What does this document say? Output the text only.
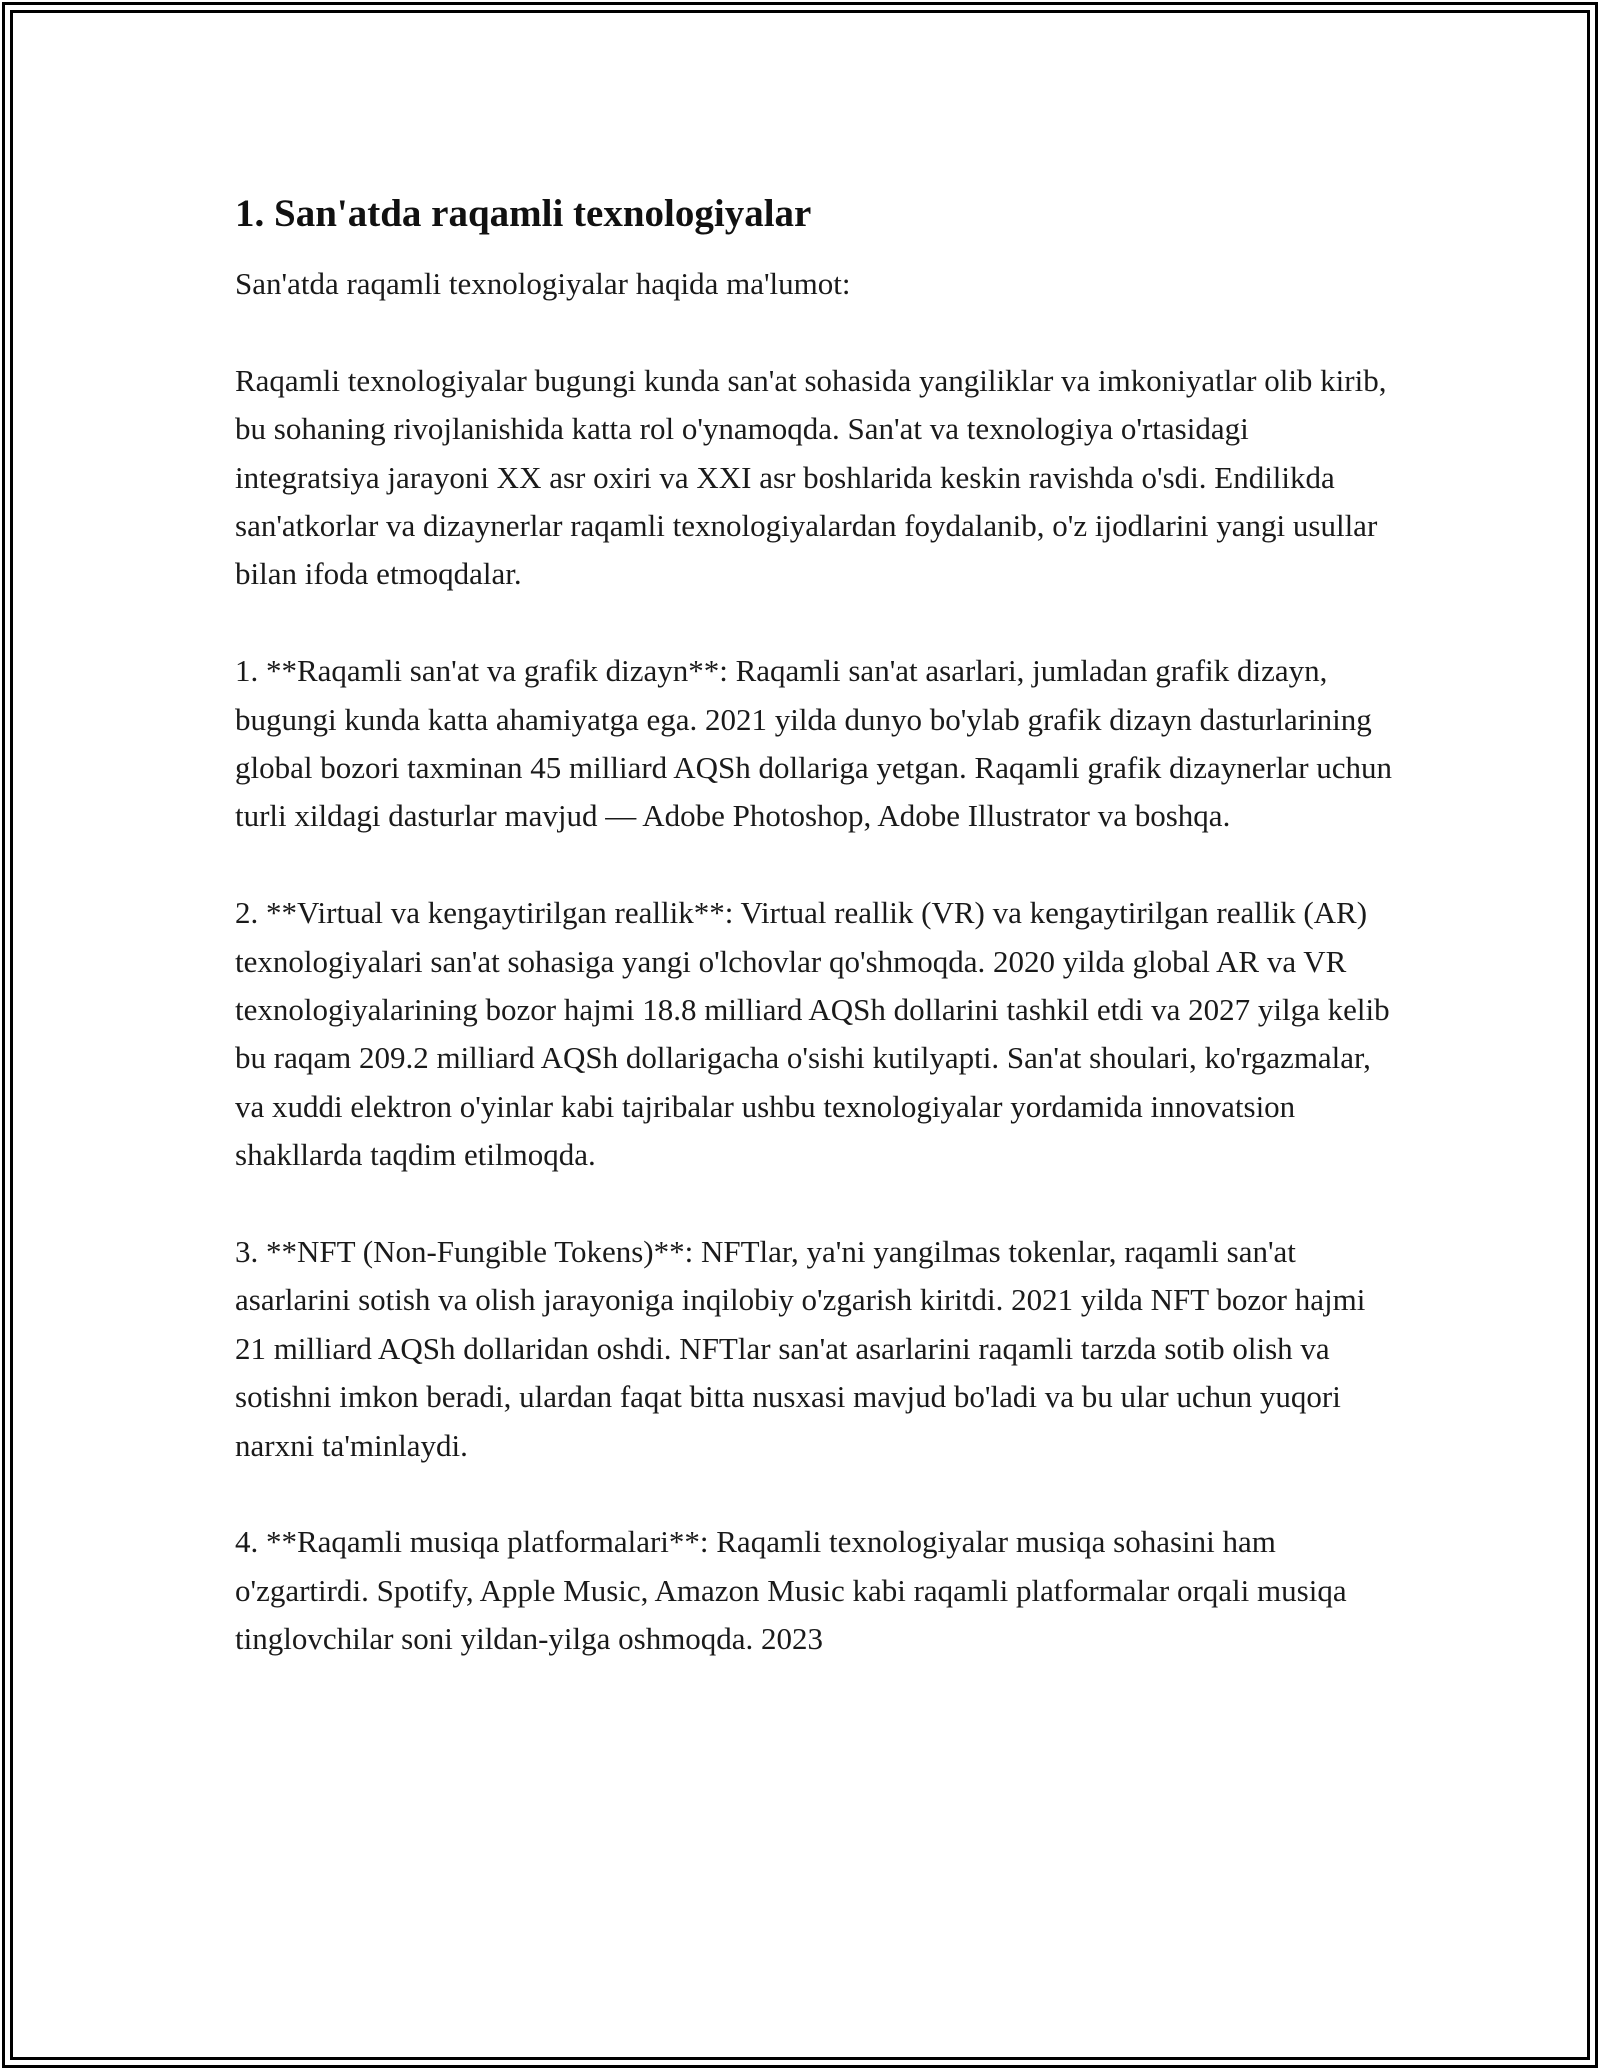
1. San'atda raqamli texnologiyalar

San'atda raqamli texnologiyalar haqida ma'lumot:

Raqamli texnologiyalar bugungi kunda san'at sohasida yangiliklar va imkoniyatlar olib kirib, bu sohaning rivojlanishida katta rol o'ynamoqda. San'at va texnologiya o'rtasidagi integratsiya jarayoni XX asr oxiri va XXI asr boshlarida keskin ravishda o'sdi. Endilikda san'atkorlar va dizaynerlar raqamli texnologiyalardan foydalanib, o'z ijodlarini yangi usullar bilan ifoda etmoqdalar.

1. **Raqamli san'at va grafik dizayn**: Raqamli san'at asarlari, jumladan grafik dizayn, bugungi kunda katta ahamiyatga ega. 2021 yilda dunyo bo'ylab grafik dizayn dasturlarining global bozori taxminan 45 milliard AQSh dollariga yetgan. Raqamli grafik dizaynerlar uchun turli xildagi dasturlar mavjud — Adobe Photoshop, Adobe Illustrator va boshqa.

2. **Virtual va kengaytirilgan reallik**: Virtual reallik (VR) va kengaytirilgan reallik (AR) texnologiyalari san'at sohasiga yangi o'lchovlar qo'shmoqda. 2020 yilda global AR va VR texnologiyalarining bozor hajmi 18.8 milliard AQSh dollarini tashkil etdi va 2027 yilga kelib bu raqam 209.2 milliard AQSh dollarigacha o'sishi kutilyapti. San'at shoulari, ko'rgazmalar, va xuddi elektron o'yinlar kabi tajribalar ushbu texnologiyalar yordamida innovatsion shakllarda taqdim etilmoqda.

3. **NFT (Non-Fungible Tokens)**: NFTlar, ya'ni yangilmas tokenlar, raqamli san'at asarlarini sotish va olish jarayoniga inqilobiy o'zgarish kiritdi. 2021 yilda NFT bozor hajmi 21 milliard AQSh dollaridan oshdi. NFTlar san'at asarlarini raqamli tarzda sotib olish va sotishni imkon beradi, ulardan faqat bitta nusxasi mavjud bo'ladi va bu ular uchun yuqori narxni ta'minlaydi.

4. **Raqamli musiqa platformalari**: Raqamli texnologiyalar musiqa sohasini ham o'zgartirdi. Spotify, Apple Music, Amazon Music kabi raqamli platformalar orqali musiqa tinglovchilar soni yildan-yilga oshmoqda. 2023
